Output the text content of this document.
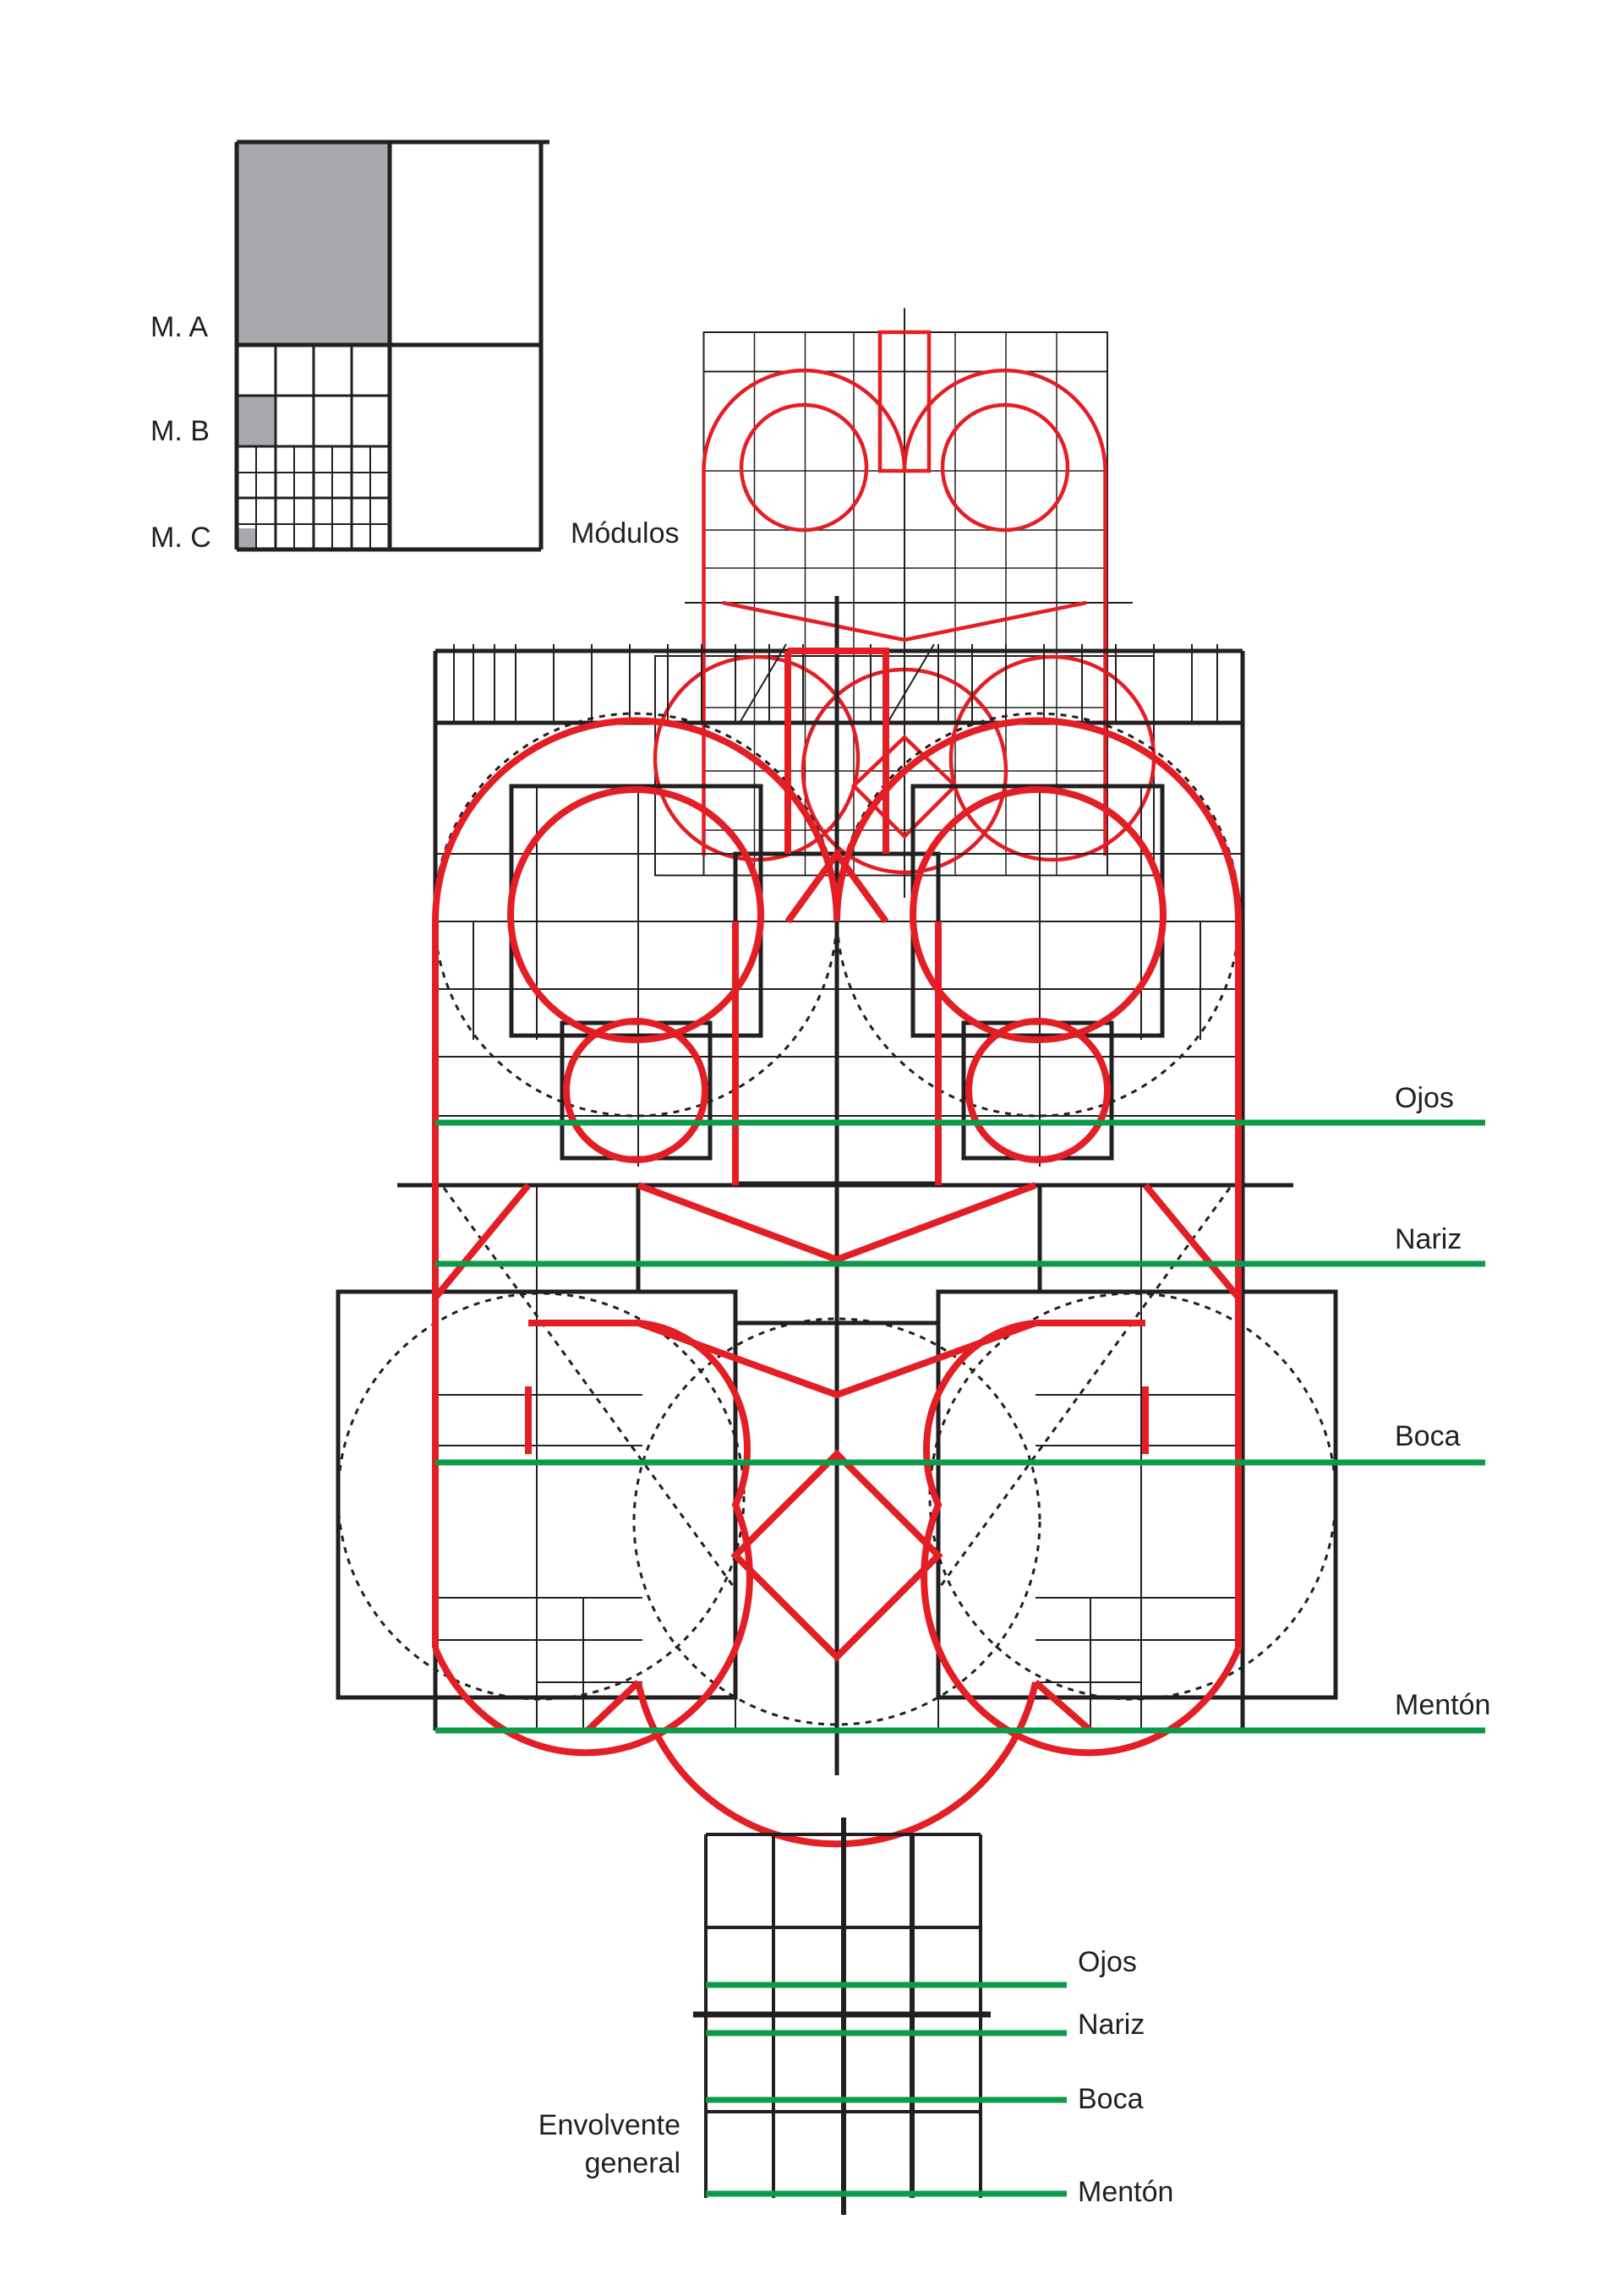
M. A
M. B
M. C	Módulos
Ojos
Nariz
Boca
Mentón
Ojos
Nariz
Boca
Mentón
Envolvente
general
